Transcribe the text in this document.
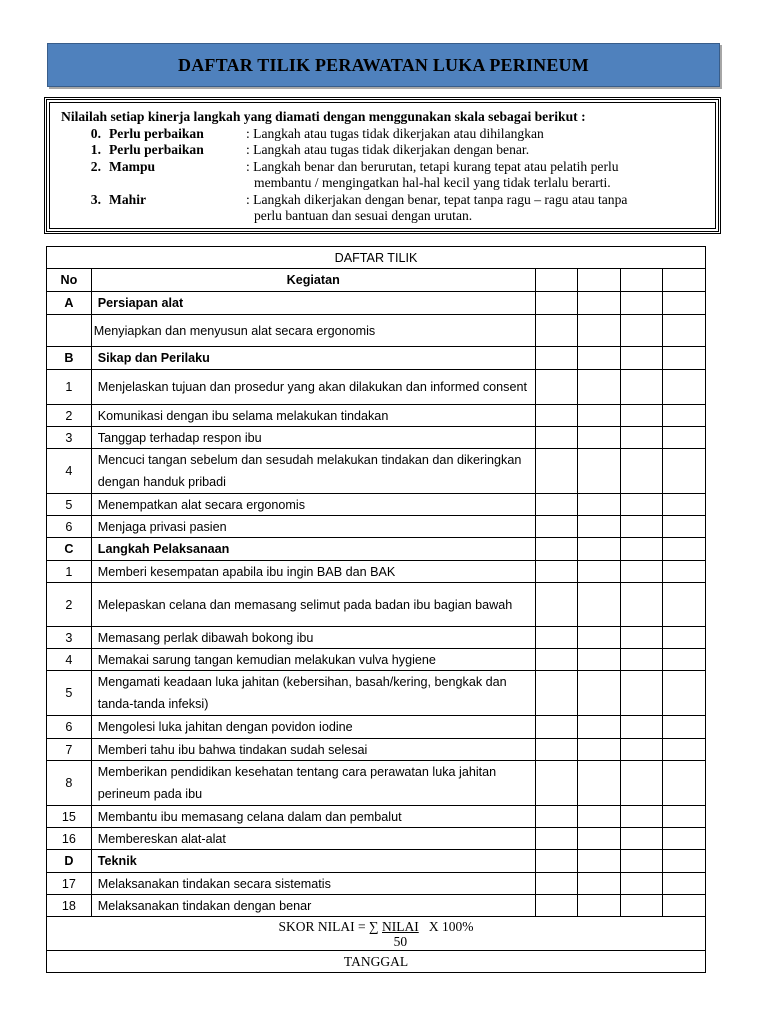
DAFTAR TILIK PERAWATAN LUKA PERINEUM
Nilailah setiap kinerja langkah yang diamati dengan menggunakan skala sebagai berikut :
0. Perlu perbaikan	: Langkah atau tugas tidak dikerjakan atau dihilangkan
1. Perlu perbaikan	: Langkah atau tugas tidak dikerjakan dengan benar.
2. Mampu	: Langkah benar dan berurutan, tetapi kurang tepat atau pelatih perlu
membantu / mengingatkan hal-hal kecil yang tidak terlalu berarti.
3. Mahir	: Langkah dikerjakan dengan benar, tepat tanpa ragu – ragu atau tanpa
perlu bantuan dan sesuai dengan urutan.
DAFTAR TILIK					
No	Kegiatan				
A	Persiapan alat				
	Menyiapkan dan menyusun alat secara ergonomis				
B	Sikap dan Perilaku				
1	Menjelaskan tujuan dan prosedur yang akan dilakukan dan informed consent				
2	Komunikasi dengan ibu selama melakukan tindakan				
3	Tanggap terhadap respon ibu				
4	Mencuci tangan sebelum dan sesudah melakukan tindakan dan dikeringkan dengan handuk pribadi				
5	Menempatkan alat secara ergonomis				
6	Menjaga privasi pasien				
C	Langkah Pelaksanaan				
1	Memberi kesempatan apabila ibu ingin BAB dan BAK				
2	Melepaskan celana dan memasang selimut pada badan ibu bagian bawah				
3	Memasang perlak dibawah bokong ibu				
4	Memakai sarung tangan kemudian melakukan vulva hygiene				
5	Mengamati keadaan luka jahitan (kebersihan, basah/kering, bengkak dan tanda-tanda infeksi)				
6	Mengolesi luka jahitan dengan povidon iodine				
7	Memberi tahu ibu bahwa tindakan sudah selesai				
8	Memberikan pendidikan kesehatan tentang cara perawatan luka jahitan perineum pada ibu				
15	Membantu ibu memasang celana dalam dan pembalut				
16	Membereskan alat-alat				
D	Teknik				
17	Melaksanakan tindakan secara sistematis				
18	Melaksanakan tindakan dengan benar				
SKOR NILAI = ∑ $\frac{\text{NILAI}}{50}$ X 100%					
TANGGAL					
